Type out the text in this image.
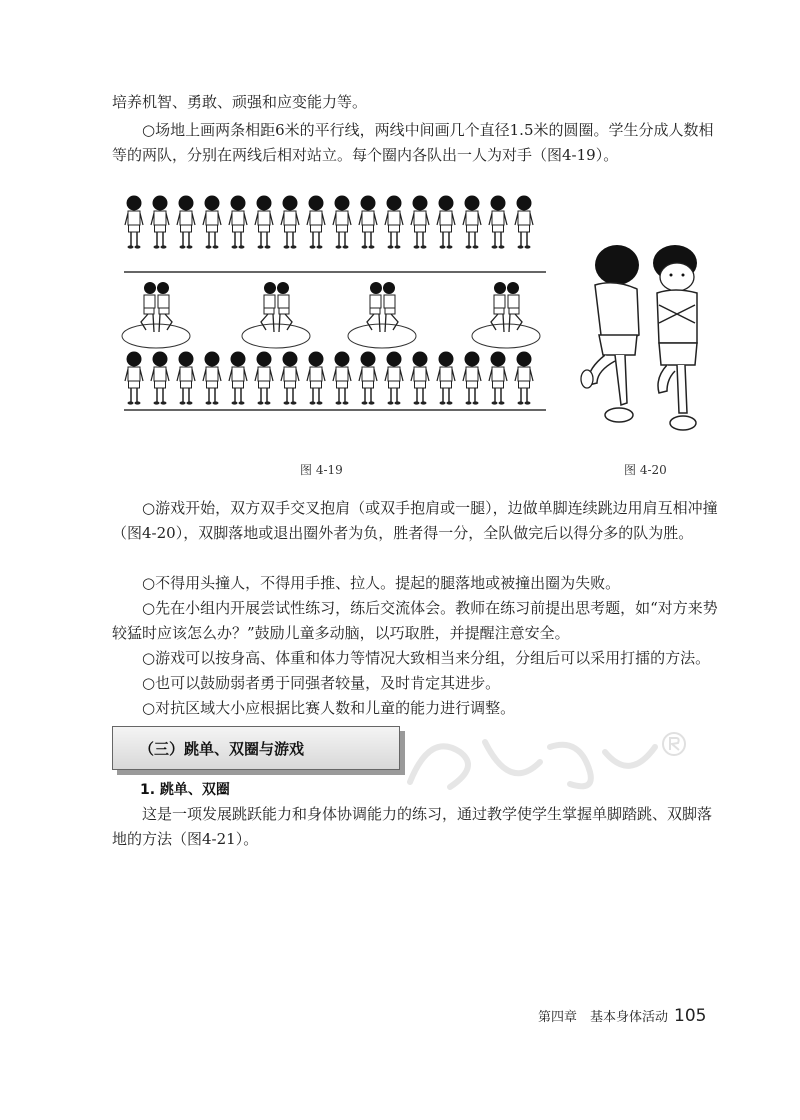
培养机智、勇敢、顽强和应变能力等。

○场地上画两条相距6米的平行线，两线中间画几个直径1.5米的圆圈。学生分成人数相等的两队，分别在两线后相对站立。每个圈内各队出一人为对手（图4-19）。

图 4-19	图 4-20

○游戏开始，双方双手交叉抱肩（或双手抱肩或一腿），边做单脚连续跳边用肩互相冲撞（图4-20），双脚落地或退出圈外者为负，胜者得一分，全队做完后以得分多的队为胜。

○不得用头撞人，不得用手推、拉人。提起的腿落地或被撞出圈为失败。

○先在小组内开展尝试性练习，练后交流体会。教师在练习前提出思考题，如“对方来势较猛时应该怎么办？”鼓励儿童多动脑，以巧取胜，并提醒注意安全。

○游戏可以按身高、体重和体力等情况大致相当来分组，分组后可以采用打擂的方法。

○也可以鼓励弱者勇于同强者较量，及时肯定其进步。

○对抗区域大小应根据比赛人数和儿童的能力进行调整。

（三）跳单、双圈与游戏
1. 跳单、双圈

这是一项发展跳跃能力和身体协调能力的练习，通过教学使学生掌握单脚踏跳、双脚落地的方法（图4-21）。

第四章　基本身体活动 105
